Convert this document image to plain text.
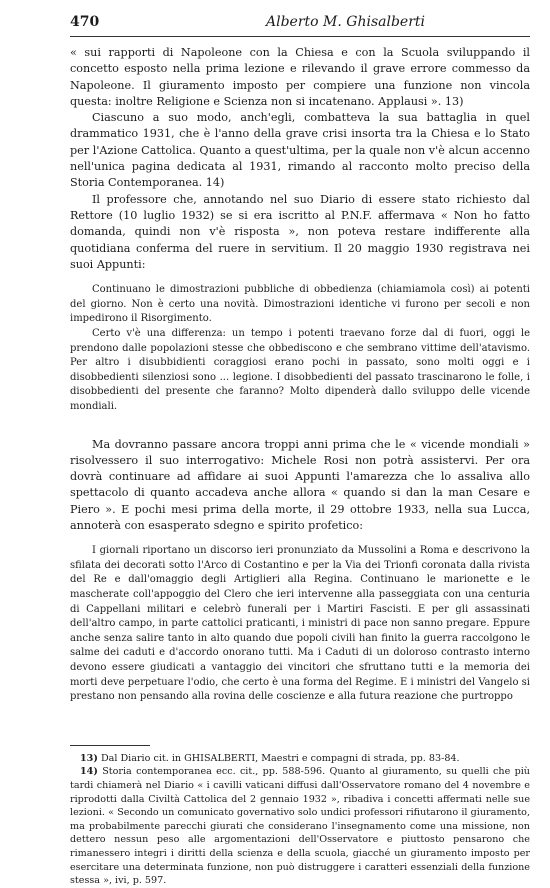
470	Alberto M. Ghisalberti

« sui rapporti di Napoleone con la Chiesa e con la Scuola sviluppando il concetto esposto nella prima lezione e rilevando il grave errore commesso da Napoleone. Il giuramento imposto per compiere una funzione non vincola questa: inoltre Religione e Scienza non si incatenano. Applausi ». 13)

Ciascuno a suo modo, anch'egli, combatteva la sua battaglia in quel drammatico 1931, che è l'anno della grave crisi insorta tra la Chiesa e lo Stato per l'Azione Cattolica. Quanto a quest'ultima, per la quale non v'è alcun accenno nell'unica pagina dedicata al 1931, rimando al racconto molto preciso della Storia Contemporanea. 14)

Il professore che, annotando nel suo Diario di essere stato richiesto dal Rettore (10 luglio 1932) se si era iscritto al P.N.F. affermava « Non ho fatto domanda, quindi non v'è risposta », non poteva restare indifferente alla quotidiana conferma del ruere in servitium. Il 20 maggio 1930 registrava nei suoi Appunti:

Continuano le dimostrazioni pubbliche di obbedienza (chiamiamola così) ai potenti del giorno. Non è certo una novità. Dimostrazioni identiche vi furono per secoli e non impedirono il Risorgimento.

Certo v'è una differenza: un tempo i potenti traevano forze dal di fuori, oggi le prendono dalle popolazioni stesse che obbediscono e che sembrano vittime dell'atavismo. Per altro i disubbidienti coraggiosi erano pochi in passato, sono molti oggi e i disobbedienti silenziosi sono ... legione. I disobbedienti del passato trascinarono le folle, i disobbedienti del presente che faranno? Molto dipenderà dallo sviluppo delle vicende mondiali.

Ma dovranno passare ancora troppi anni prima che le « vicende mondiali » risolvessero il suo interrogativo: Michele Rosi non potrà assistervi. Per ora dovrà continuare ad affidare ai suoi Appunti l'amarezza che lo assaliva allo spettacolo di quanto accadeva anche allora « quando si dan la man Cesare e Piero ». E pochi mesi prima della morte, il 29 ottobre 1933, nella sua Lucca, annoterà con esasperato sdegno e spirito profetico:

I giornali riportano un discorso ieri pronunziato da Mussolini a Roma e descrivono la sfilata dei decorati sotto l'Arco di Costantino e per la Via dei Trionfi coronata dalla rivista del Re e dall'omaggio degli Artiglieri alla Regina. Continuano le marionette e le mascherate coll'appoggio del Clero che ieri intervenne alla passeggiata con una centuria di Cappellani militari e celebrò funerali per i Martiri Fascisti. E per gli assassinati dell'altro campo, in parte cattolici praticanti, i ministri di pace non sanno pregare. Eppure anche senza salire tanto in alto quando due popoli civili han finito la guerra raccolgono le salme dei caduti e d'accordo onorano tutti. Ma i Caduti di un doloroso contrasto interno devono essere giudicati a vantaggio dei vincitori che sfruttano tutti e la memoria dei morti deve perpetuare l'odio, che certo è una forma del Regime. E i ministri del Vangelo si prestano non pensando alla rovina delle coscienze e alla futura reazione che purtroppo

13) Dal Diario cit. in GHISALBERTI, Maestri e compagni di strada, pp. 83-84.

14) Storia contemporanea ecc. cit., pp. 588-596. Quanto al giuramento, su quelli che più tardi chiamerà nel Diario « i cavilli vaticani diffusi dall'Osservatore romano del 4 novembre e riprodotti dalla Civiltà Cattolica del 2 gennaio 1932 », ribadiva i concetti affermati nelle sue lezioni. « Secondo un comunicato governativo solo undici professori rifiutarono il giuramento, ma probabilmente parecchi giurati che considerano l'insegnamento come una missione, non dettero nessun peso alle argomentazioni dell'Osservatore e piuttosto pensarono che rimanessero integri i diritti della scienza e della scuola, giacché un giuramento imposto per esercitare una determinata funzione, non può distruggere i caratteri essenziali della funzione stessa », ivi, p. 597.
